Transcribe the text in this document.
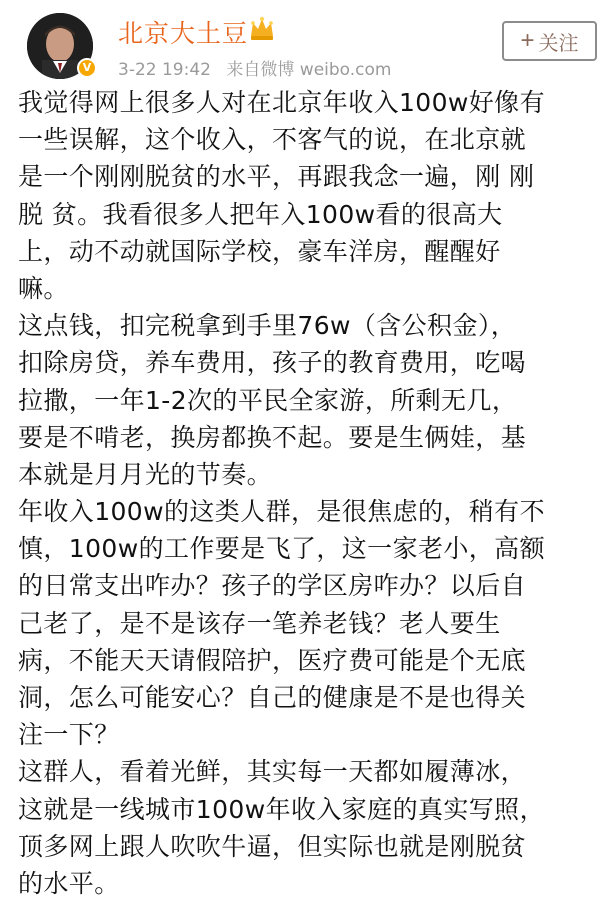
V
北京大土豆
3-22 19:42 来自微博 weibo.com
+ 关注
我觉得网上很多人对在北京年收入100w好像有
一些误解，这个收入，不客气的说，在北京就
是一个刚刚脱贫的水平，再跟我念一遍，刚 刚
脱 贫。我看很多人把年入100w看的很高大
上，动不动就国际学校，豪车洋房，醒醒好
嘛。
这点钱，扣完税拿到手里76w（含公积金），
扣除房贷，养车费用，孩子的教育费用，吃喝
拉撒，一年1-2次的平民全家游，所剩无几，
要是不啃老，换房都换不起。要是生俩娃，基
本就是月月光的节奏。
年收入100w的这类人群，是很焦虑的，稍有不
慎，100w的工作要是飞了，这一家老小，高额
的日常支出咋办？孩子的学区房咋办？以后自
己老了，是不是该存一笔养老钱？老人要生
病，不能天天请假陪护，医疗费可能是个无底
洞，怎么可能安心？自己的健康是不是也得关
注一下？
这群人，看着光鲜，其实每一天都如履薄冰，
这就是一线城市100w年收入家庭的真实写照，
顶多网上跟人吹吹牛逼，但实际也就是刚脱贫
的水平。
